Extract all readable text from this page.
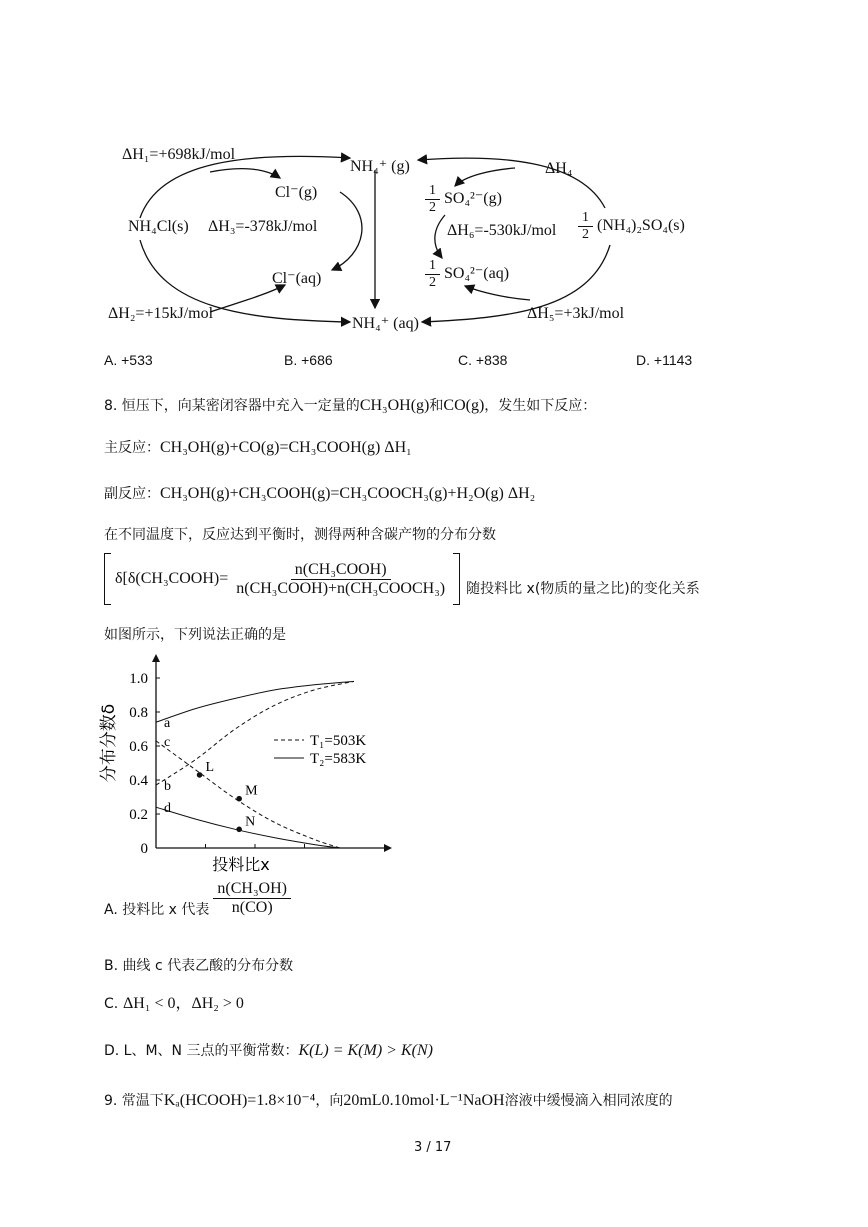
ΔH₁=+698kJ/mol
NH₄⁺ (g)	ΔH₄
Cl⁻(g)
NH₄Cl(s) ΔH₃=-378kJ/mol
Cl⁻(aq)
ΔH₂=+15kJ/mol
NH₄⁺ (aq)
$\frac{1}{2} SO_4^{2-}(g)$
$\Delta H_6=-530kJ/mol \frac{1}{2} (NH_4)_2SO_4(s)$
$\frac{1}{2} SO_4^{2-}(aq)$
ΔH₅=+3kJ/mol
A. +533	B. +686	C. +838	D. +1143
8. 恒压下，向某密闭容器中充入一定量的CH₃OH(g)和CO(g)，发生如下反应：
主反应：CH₃OH(g)+CO(g)=CH₃COOH(g) ΔH₁
副反应：CH₃OH(g)+CH₃COOH(g)=CH₃COOCH₃(g)+H₂O(g) ΔH₂
在不同温度下，反应达到平衡时，测得两种含碳产物的分布分数
δ[δ(CH₃COOH)= $\frac{\text{n(CH₃COOH)}}{\text{n(CH₃COOH)+n(CH₃COOCH₃)}}$ 随投料比 x(物质的量之比)的变化关系
如图所示，下列说法正确的是
1.0
0.8
0.6
0.4
0.2
0
分布分数δ
投料比x
a
b
c
d
L
M
N
T₁=503K
T₂=583K
A. 投料比 x 代表 $\frac{\text{n(CH₃OH)}}{n(CO)}$
B. 曲线 c 代表乙酸的分布分数
C. ΔH₁ < 0，ΔH₂ > 0
D. L、M、N 三点的平衡常数：K(L) = K(M) > K(N)
9. 常温下Kₐ(HCOOH)=1.8×10⁻⁴，向20mL0.10mol·L⁻¹NaOH溶液中缓慢滴入相同浓度的
3 / 17
